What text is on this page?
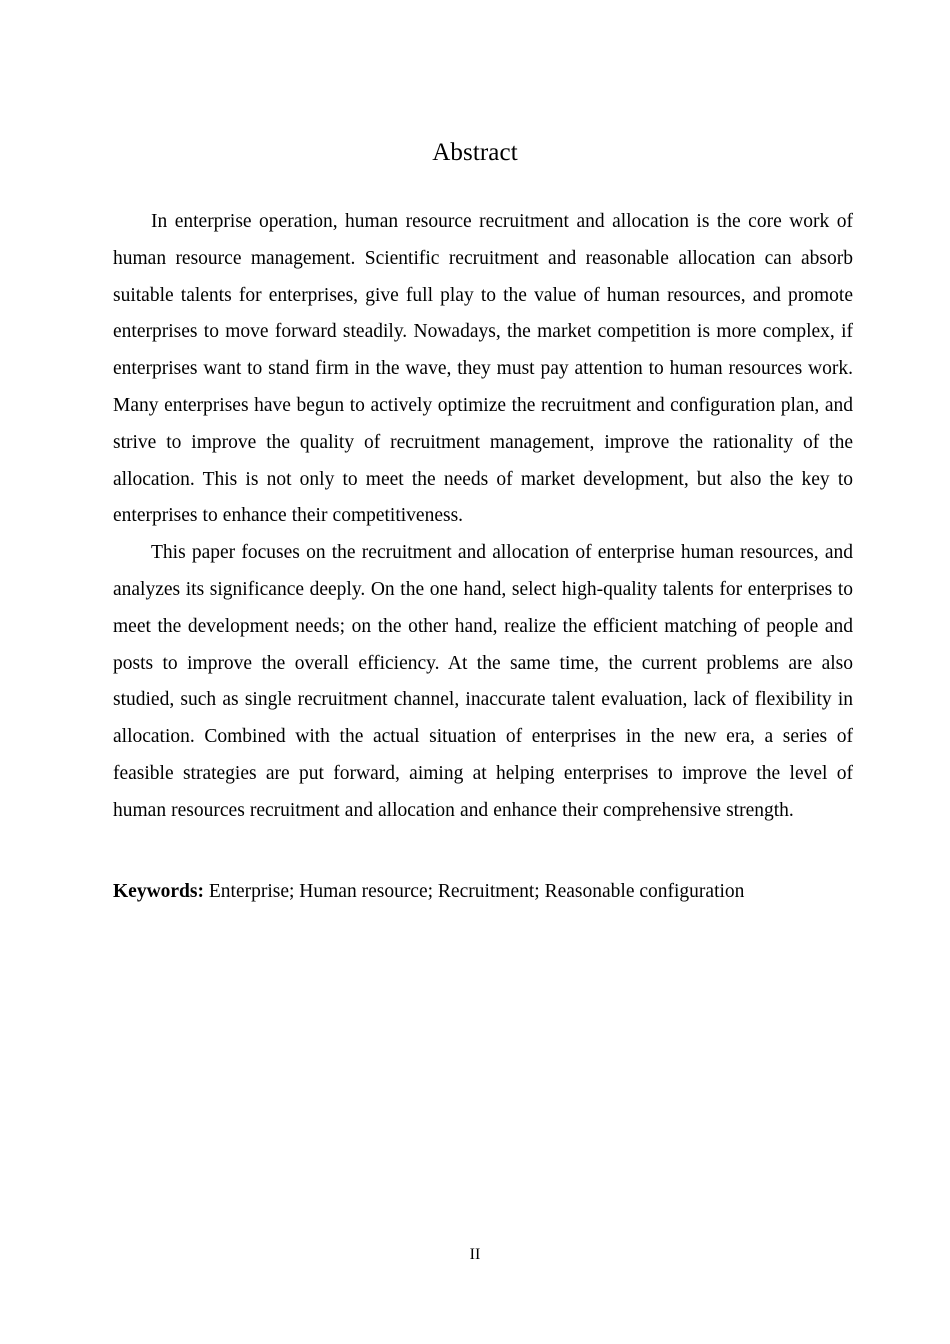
Abstract

In enterprise operation, human resource recruitment and allocation is the core work of human resource management. Scientific recruitment and reasonable allocation can absorb suitable talents for enterprises, give full play to the value of human resources, and promote enterprises to move forward steadily. Nowadays, the market competition is more complex, if enterprises want to stand firm in the wave, they must pay attention to human resources work. Many enterprises have begun to actively optimize the recruitment and configuration plan, and strive to improve the quality of recruitment management, improve the rationality of the allocation. This is not only to meet the needs of market development, but also the key to enterprises to enhance their competitiveness.

This paper focuses on the recruitment and allocation of enterprise human resources, and analyzes its significance deeply. On the one hand, select high-quality talents for enterprises to meet the development needs; on the other hand, realize the efficient matching of people and posts to improve the overall efficiency. At the same time, the current problems are also studied, such as single recruitment channel, inaccurate talent evaluation, lack of flexibility in allocation. Combined with the actual situation of enterprises in the new era, a series of feasible strategies are put forward, aiming at helping enterprises to improve the level of human resources recruitment and allocation and enhance their comprehensive strength.

Keywords: Enterprise; Human resource; Recruitment; Reasonable configuration
II
